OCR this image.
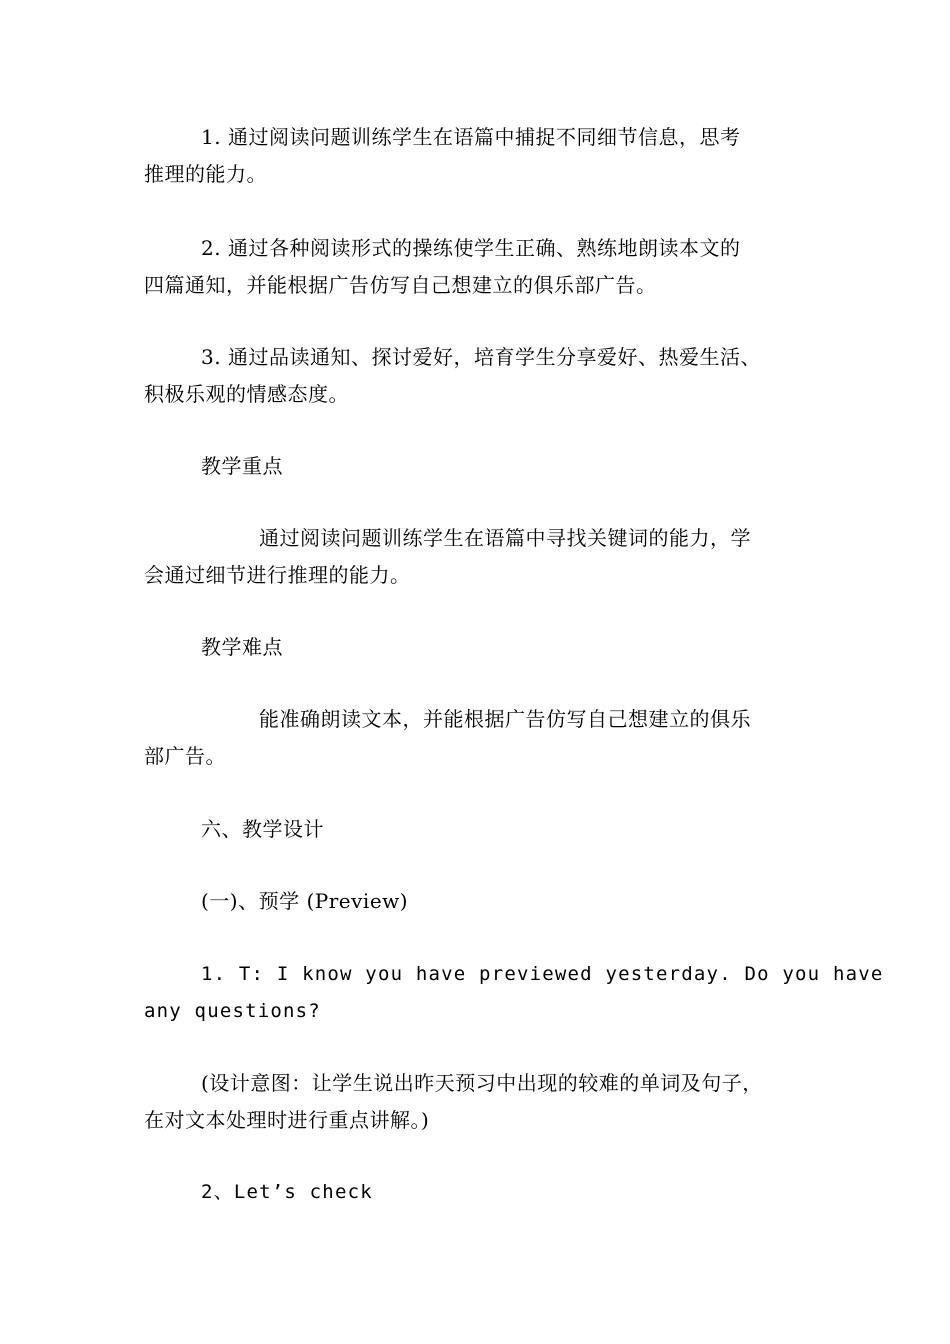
1. 通过阅读问题训练学生在语篇中捕捉不同细节信息，思考
推理的能力。
2. 通过各种阅读形式的操练使学生正确、熟练地朗读本文的
四篇通知，并能根据广告仿写自己想建立的俱乐部广告。
3. 通过品读通知、探讨爱好，培育学生分享爱好、热爱生活、
积极乐观的情感态度。
教学重点
通过阅读问题训练学生在语篇中寻找关键词的能力，学
会通过细节进行推理的能力。
教学难点
能准确朗读文本，并能根据广告仿写自己想建立的俱乐
部广告。
六、教学设计
(一)、预学 (Preview)
1. T: I know you have previewed yesterday. Do you have
any questions?
(设计意图：让学生说出昨天预习中出现的较难的单词及句子，
在对文本处理时进行重点讲解。)
2、Let’s check
